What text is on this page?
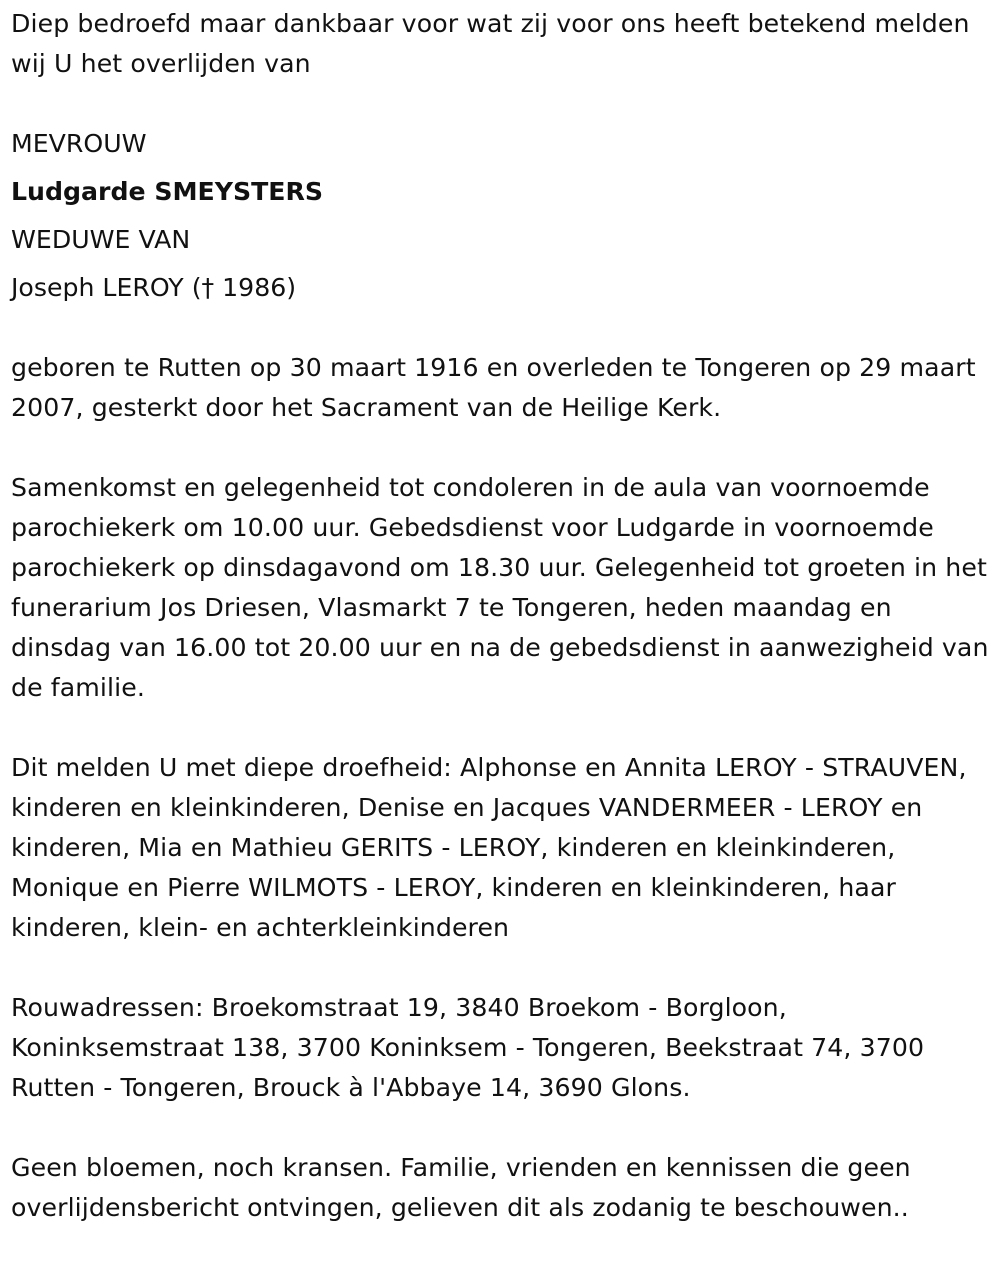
Diep bedroefd maar dankbaar voor wat zij voor ons heeft betekend melden wij U het overlijden van

MEVROUW
Ludgarde SMEYSTERS
WEDUWE VAN
Joseph LEROY († 1986)

geboren te Rutten op 30 maart 1916 en overleden te Tongeren op 29 maart 2007, gesterkt door het Sacrament van de Heilige Kerk.

Samenkomst en gelegenheid tot condoleren in de aula van voornoemde parochiekerk om 10.00 uur. Gebedsdienst voor Ludgarde in voornoemde parochiekerk op dinsdagavond om 18.30 uur. Gelegenheid tot groeten in het funerarium Jos Driesen, Vlasmarkt 7 te Tongeren, heden maandag en dinsdag van 16.00 tot 20.00 uur en na de gebedsdienst in aanwezigheid van de familie.

Dit melden U met diepe droefheid: Alphonse en Annita LEROY - STRAUVEN, kinderen en kleinkinderen, Denise en Jacques VANDERMEER - LEROY en kinderen, Mia en Mathieu GERITS - LEROY, kinderen en kleinkinderen, Monique en Pierre WILMOTS - LEROY, kinderen en kleinkinderen, haar kinderen, klein- en achterkleinkinderen

Rouwadressen: Broekomstraat 19, 3840 Broekom - Borgloon, Koninksemstraat 138, 3700 Koninksem - Tongeren, Beekstraat 74, 3700 Rutten - Tongeren, Brouck à l'Abbaye 14, 3690 Glons.

Geen bloemen, noch kransen. Familie, vrienden en kennissen die geen overlijdensbericht ontvingen, gelieven dit als zodanig te beschouwen..
